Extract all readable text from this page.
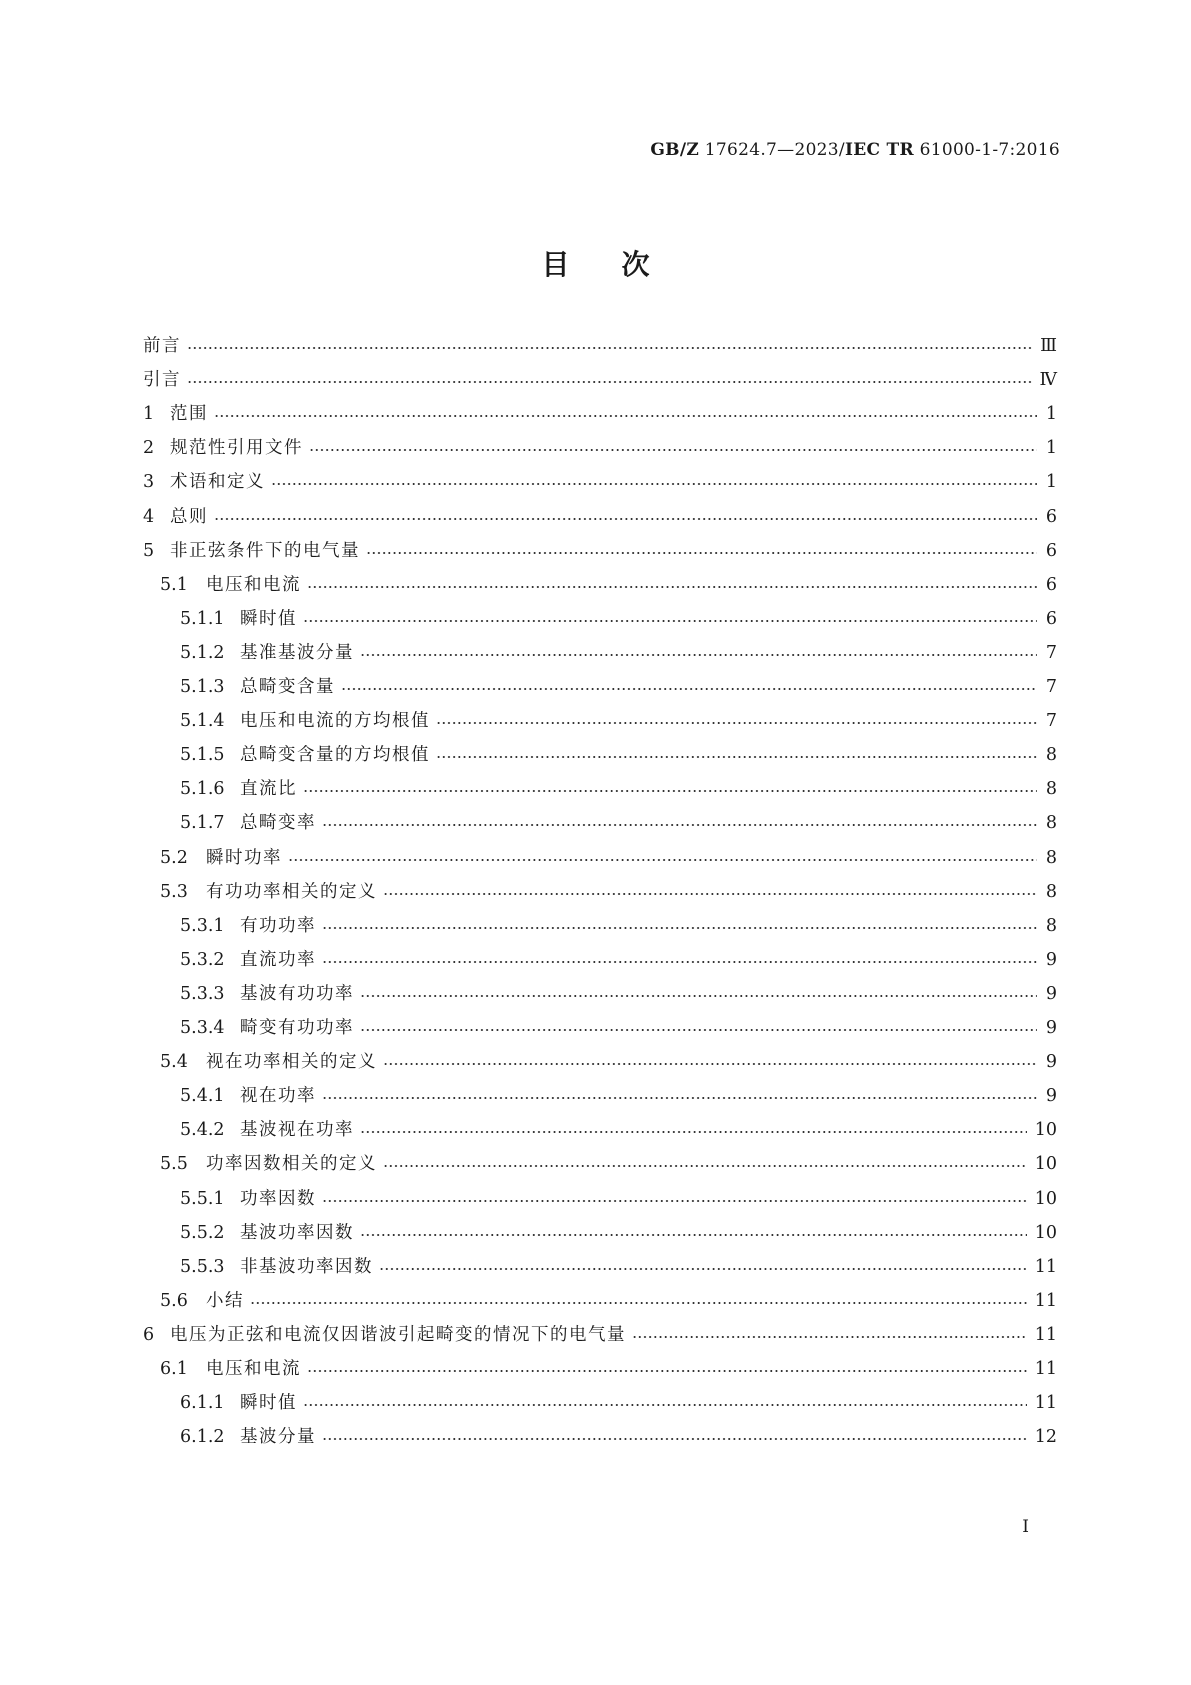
GB/Z 17624.7—2023/IEC TR 61000-1-7:2016
目次
前言	Ⅲ
引言	Ⅳ
1 范围	1
2 规范性引用文件	1
3 术语和定义	1
4 总则	6
5 非正弦条件下的电气量	6
5.1	电压和电流	6
5.1.1 瞬时值	6
5.1.2 基准基波分量	7
5.1.3 总畸变含量	7
5.1.4 电压和电流的方均根值	7
5.1.5 总畸变含量的方均根值	8
5.1.6 直流比	8
5.1.7 总畸变率	8
5.2	瞬时功率	8
5.3	有功功率相关的定义	8
5.3.1 有功功率	8
5.3.2 直流功率	9
5.3.3 基波有功功率	9
5.3.4 畸变有功功率	9
5.4	视在功率相关的定义	9
5.4.1 视在功率	9
5.4.2 基波视在功率	10
5.5	功率因数相关的定义	10
5.5.1 功率因数	10
5.5.2 基波功率因数	10
5.5.3 非基波功率因数	11
5.6	小结	11
6 电压为正弦和电流仅因谐波引起畸变的情况下的电气量	11
6.1	电压和电流	11
6.1.1 瞬时值	11
6.1.2 基波分量	12
Ⅰ
